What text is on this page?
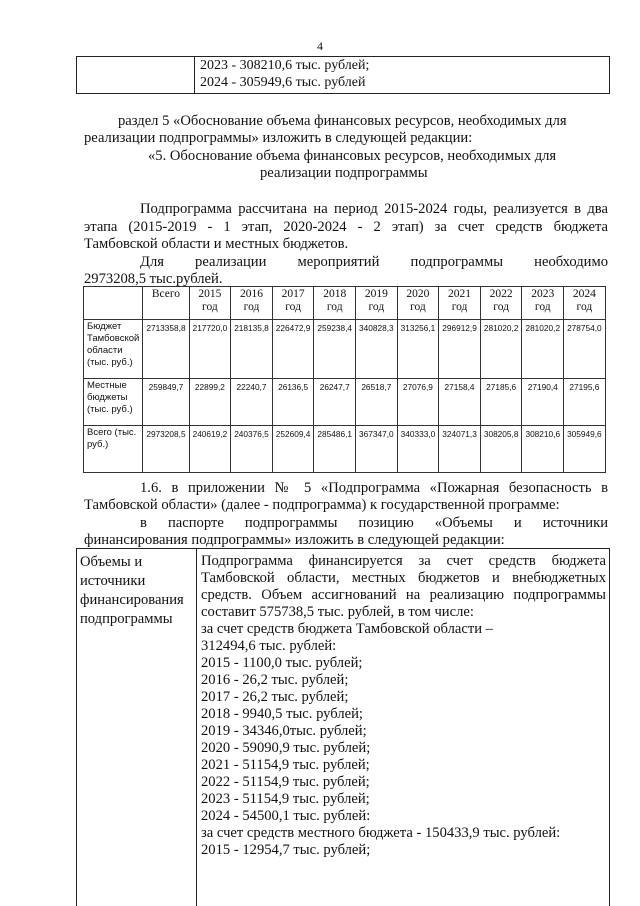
4
2023 - 308210,6 тыс. рублей;
2024 - 305949,6 тыс. рублей
раздел 5 «Обоснование объема финансовых ресурсов, необходимых для
реализации подпрограммы» изложить в следующей редакции:
«5. Обоснование объема финансовых ресурсов, необходимых для
реализации подпрограммы
Подпрограмма рассчитана на период 2015-2024 годы, реализуется в два
этапа (2015-2019 - 1 этап, 2020-2024 - 2 этап) за счет средств бюджета
Тамбовской области и местных бюджетов.
Для реализации мероприятий подпрограммы необходимо
2973208,5 тыс.рублей.
	Всего	2015 год	2016 год	2017 год	2018 год	2019 год	2020 год	2021 год	2022 год	2023 год	2024 год
Бюджет Тамбовской области (тыс. руб.)	2713358,8	217720,0	218135,8	226472,9	259238,4	340828,3	313256,1	296912,9	281020,2	281020,2	278754,0
Местные бюджеты (тыс. руб.)	259849,7	22899,2	22240,7	26136,5	26247,7	26518,7	27076,9	27158,4	27185,6	27190,4	27195,6
Всего (тыс. руб.)	2973208,5	240619,2	240376,5	252609,4	285486,1	367347,0	340333,0	324071,3	308205,8	308210,6	305949,6
1.6. в приложении № 5 «Подпрограмма «Пожарная безопасность в
Тамбовской области» (далее - подпрограмма) к государственной программе:
в паспорте подпрограммы позицию «Объемы и источники
финансирования подпрограммы» изложить в следующей редакции:
Объемы и источники финансирования подпрограммы
Подпрограмма финансируется за счет средств бюджета
Тамбовской области, местных бюджетов и внебюджетных
средств. Объем ассигнований на реализацию подпрограммы
составит 575738,5 тыс. рублей, в том числе:
за счет средств бюджета Тамбовской области –
312494,6 тыс. рублей:
2015 - 1100,0 тыс. рублей;
2016 - 26,2 тыс. рублей;
2017 - 26,2 тыс. рублей;
2018 - 9940,5 тыс. рублей;
2019 - 34346,0тыс. рублей;
2020 - 59090,9 тыс. рублей;
2021 - 51154,9 тыс. рублей;
2022 - 51154,9 тыс. рублей;
2023 - 51154,9 тыс. рублей;
2024 - 54500,1 тыс. рублей:
за счет средств местного бюджета - 150433,9 тыс. рублей:
2015 - 12954,7 тыс. рублей;
